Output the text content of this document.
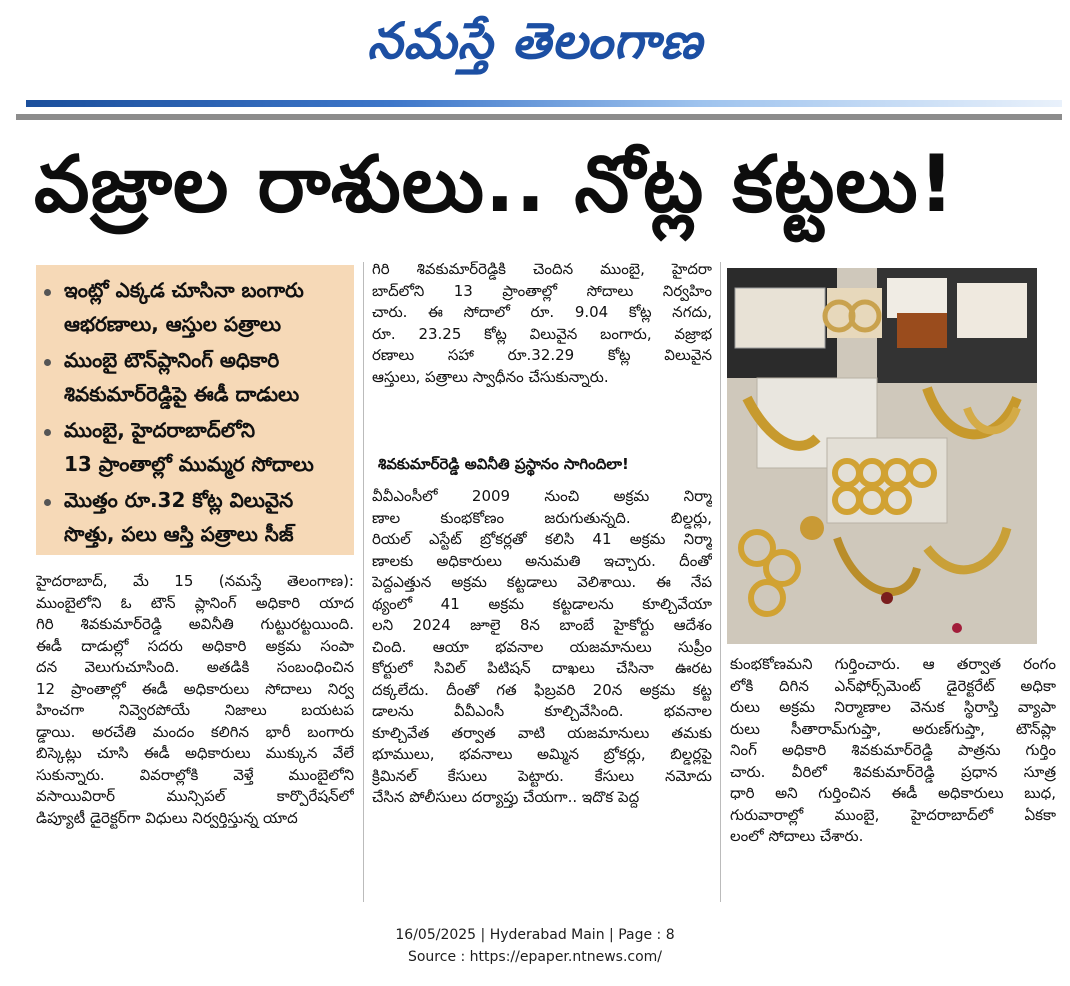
నమస్తే తెలంగాణ
వజ్రాల రాశులు.. నోట్ల కట్టలు!
ఇంట్లో ఎక్కడ చూసినా బంగారు
ఆభరణాలు, ఆస్తుల పత్రాలు
ముంబై టౌన్‌ప్లానింగ్ అధికారి
శివకుమార్‌రెడ్డిపై ఈడీ దాడులు
ముంబై, హైదరాబాద్‌లోని
13 ప్రాంతాల్లో ముమ్మర సోదాలు
మొత్తం రూ.32 కోట్ల విలువైన
సొత్తు, పలు ఆస్తి పత్రాలు సీజ్
హైదరాబాద్, మే 15 (నమస్తే తెలంగాణ):
ముంబైలోని ఓ టౌన్ ప్లానింగ్ అధికారి యాద
గిరి శివకుమార్‌రెడ్డి అవినీతి గుట్టురట్టయింది.
ఈడీ దాడుల్లో సదరు అధికారి అక్రమ సంపా
దన వెలుగుచూసింది. అతడికి సంబంధించిన
12 ప్రాంతాల్లో ఈడీ అధికారులు సోదాలు నిర్వ
హించగా నివ్వెరపోయే నిజాలు బయటప
డ్డాయి. అరచేతి మందం కలిగిన భారీ బంగారు
బిస్కెట్లు చూసి ఈడీ అధికారులు ముక్కున వేలే
సుకున్నారు. వివరాల్లోకి వెళ్తే ముంబైలోని
వసాయివిరార్ మున్సిపల్ కార్పొరేషన్‌లో
డిప్యూటీ డైరెక్టర్‌గా విధులు నిర్వర్తిస్తున్న యాద
గిరి శివకుమార్‌రెడ్డికి చెందిన ముంబై, హైదరా
బాద్‌లోని 13 ప్రాంతాల్లో సోదాలు నిర్వహిం
చారు. ఈ సోదాలో రూ. 9.04 కోట్ల నగదు,
రూ. 23.25 కోట్ల విలువైన బంగారు, వజ్రాభ
రణాలు సహా రూ.32.29 కోట్ల విలువైన
ఆస్తులు, పత్రాలు స్వాధీనం చేసుకున్నారు.
శివకుమార్‌రెడ్డి అవినీతి ప్రస్థానం సాగిందిలా!
వీవీఎంసీలో 2009 నుంచి అక్రమ నిర్మా
ణాల కుంభకోణం జరుగుతున్నది. బిల్డర్లు,
రియల్ ఎస్టేట్ బ్రోకర్లతో కలిసి 41 అక్రమ నిర్మా
ణాలకు అధికారులు అనుమతి ఇచ్చారు. దీంతో
పెద్దఎత్తున అక్రమ కట్టడాలు వెలిశాయి. ఈ నేప
థ్యంలో 41 అక్రమ కట్టడాలను కూల్చివేయా
లని 2024 జూలై 8న బాంబే హైకోర్టు ఆదేశం
చింది. ఆయా భవనాల యజమానులు సుప్రీం
కోర్టులో సివిల్ పిటిషన్ దాఖలు చేసినా ఊరట
దక్కలేదు. దీంతో గత ఫిబ్రవరి 20న అక్రమ కట్ట
డాలను వీవీఎంసీ కూల్చివేసింది. భవనాల
కూల్చివేత తర్వాత వాటి యజమానులు తమకు
భూములు, భవనాలు అమ్మిన బ్రోకర్లు, బిల్డర్లపై
క్రిమినల్ కేసులు పెట్టారు. కేసులు నమోదు
చేసిన పోలీసులు దర్యాప్తు చేయగా.. ఇదొక పెద్ద
కుంభకోణమని గుర్తించారు. ఆ తర్వాత రంగం
లోకి దిగిన ఎన్‌ఫోర్స్‌మెంట్ డైరెక్టరేట్ అధికా
రులు అక్రమ నిర్మాణాల వెనుక స్థిరాస్తి వ్యాపా
రులు సీతారామ్‌గుప్తా, అరుణ్‌గుప్తా, టౌన్‌ప్లా
నింగ్ అధికారి శివకుమార్‌రెడ్డి పాత్రను గుర్తిం
చారు. వీరిలో శివకుమార్‌రెడ్డి ప్రధాన సూత్ర
ధారి అని గుర్తించిన ఈడీ అధికారులు బుధ,
గురువారాల్లో ముంబై, హైదరాబాద్‌లో ఏకకా
లంలో సోదాలు చేశారు.
16/05/2025 | Hyderabad Main | Page : 8
Source : https://epaper.ntnews.com/
